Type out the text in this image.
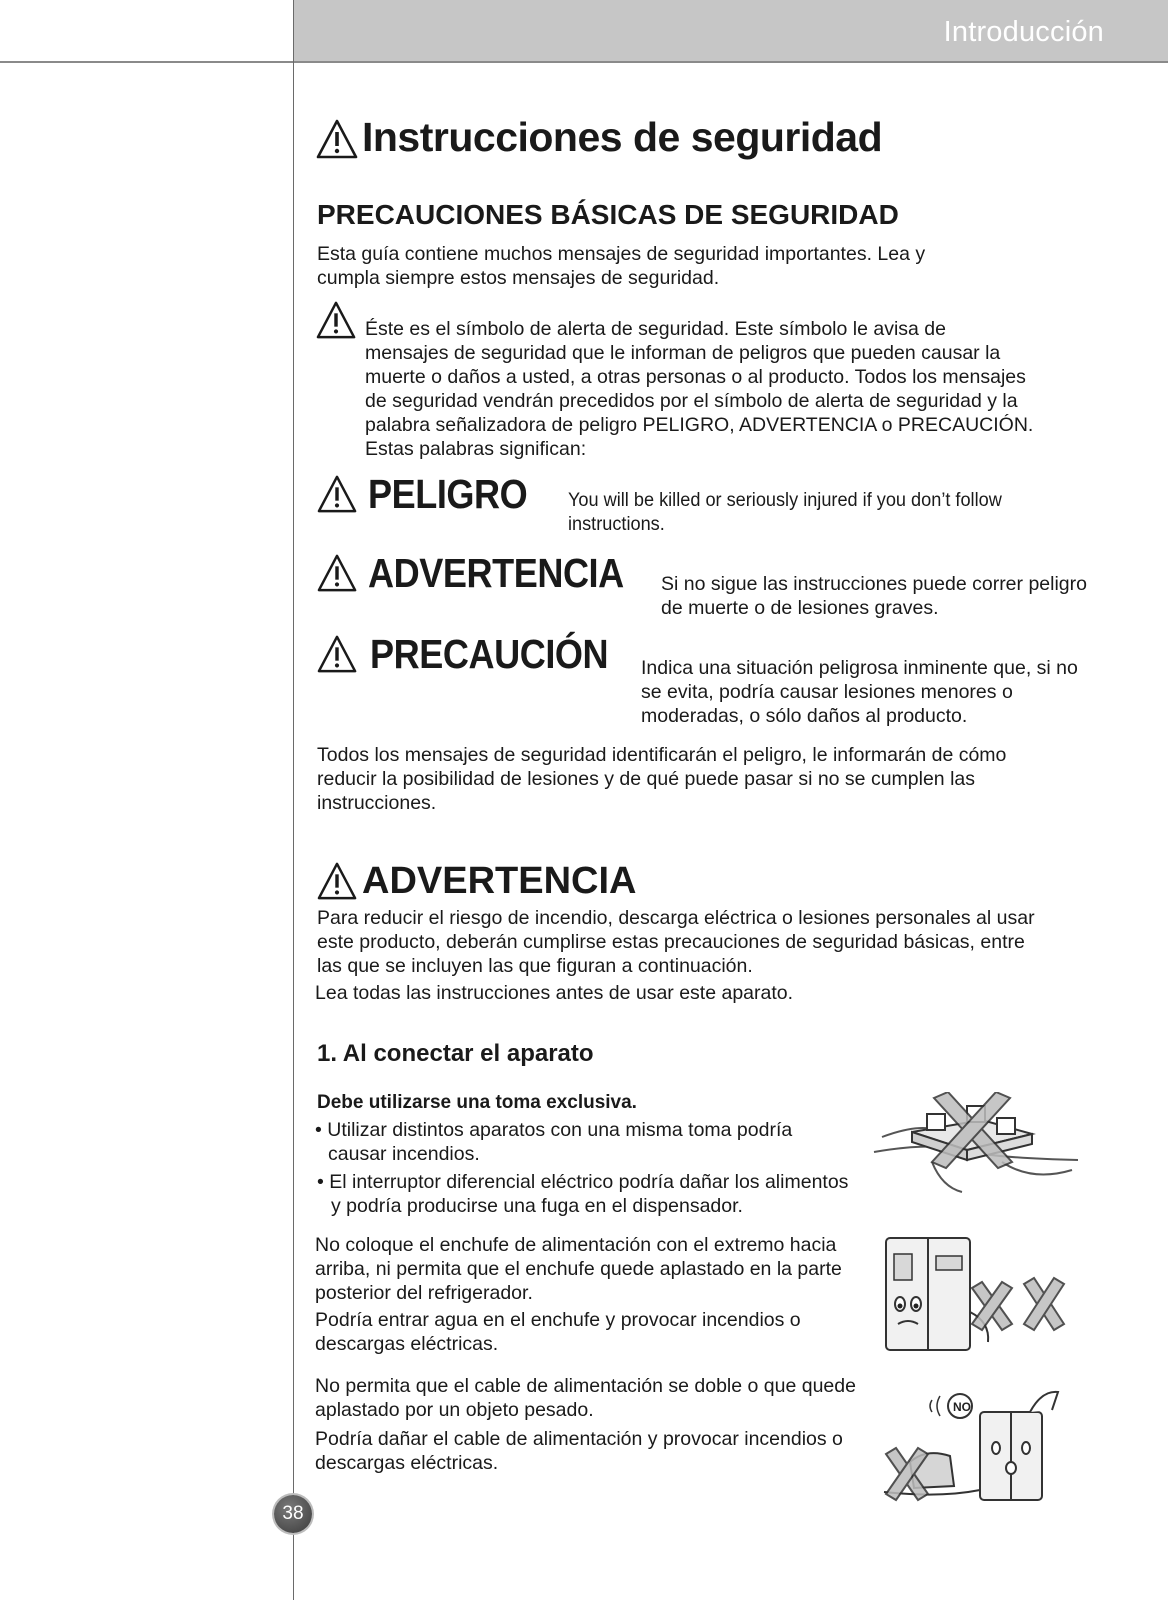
Introducción
Instrucciones de seguridad
PRECAUCIONES BÁSICAS DE SEGURIDAD
Esta guía contiene muchos mensajes de seguridad importantes. Lea y
cumpla siempre estos mensajes de seguridad.
Éste es el símbolo de alerta de seguridad. Este símbolo le avisa de
mensajes de seguridad que le informan de peligros que pueden causar la
muerte o daños a usted, a otras personas o al producto. Todos los mensajes
de seguridad vendrán precedidos por el símbolo de alerta de seguridad y la
palabra señalizadora de peligro PELIGRO, ADVERTENCIA o PRECAUCIÓN.
Estas palabras significan:
PELIGRO You will be killed or seriously injured if you don’t follow
instructions.
ADVERTENCIA Si no sigue las instrucciones puede correr peligro
de muerte o de lesiones graves.
PRECAUCIÓN Indica una situación peligrosa inminente que, si no
se evita, podría causar lesiones menores o
moderadas, o sólo daños al producto.
Todos los mensajes de seguridad identificarán el peligro, le informarán de cómo
reducir la posibilidad de lesiones y de qué puede pasar si no se cumplen las
instrucciones.
ADVERTENCIA
Para reducir el riesgo de incendio, descarga eléctrica o lesiones personales al usar
este producto, deberán cumplirse estas precauciones de seguridad básicas, entre
las que se incluyen las que figuran a continuación.
Lea todas las instrucciones antes de usar este aparato.
1. Al conectar el aparato
Debe utilizarse una toma exclusiva.
• Utilizar distintos aparatos con una misma toma podría
causar incendios.
• El interruptor diferencial eléctrico podría dañar los alimentos
y podría producirse una fuga en el dispensador.
No coloque el enchufe de alimentación con el extremo hacia
arriba, ni permita que el enchufe quede aplastado en la parte
posterior del refrigerador.
Podría entrar agua en el enchufe y provocar incendios o
descargas eléctricas.
No permita que el cable de alimentación se doble o que quede
aplastado por un objeto pesado.
Podría dañar el cable de alimentación y provocar incendios o
descargas eléctricas.
NO
38
